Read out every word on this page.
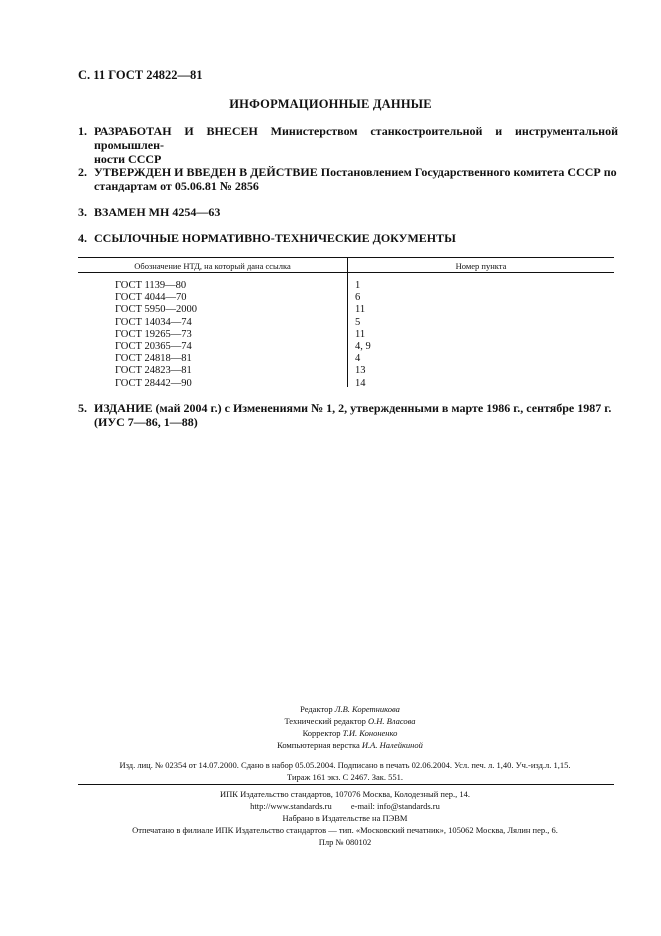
С. 11 ГОСТ 24822—81
ИНФОРМАЦИОННЫЕ ДАННЫЕ
1. РАЗРАБОТАН И ВНЕСЕН Министерством станкостроительной и инструментальной промышлен-
ности СССР
2. УТВЕРЖДЕН И ВВЕДЕН В ДЕЙСТВИЕ Постановлением Государственного комитета СССР по
стандартам от 05.06.81 № 2856
3. ВЗАМЕН МН 4254—63
4. ССЫЛОЧНЫЕ НОРМАТИВНО-ТЕХНИЧЕСКИЕ ДОКУМЕНТЫ
Обозначение НТД, на который дана ссылка	Номер пункта
ГОСТ 1139—80
ГОСТ 4044—70
ГОСТ 5950—2000
ГОСТ 14034—74
ГОСТ 19265—73
ГОСТ 20365—74
ГОСТ 24818—81
ГОСТ 24823—81
ГОСТ 28442—90
1
6
11
5
11
4, 9
4
13
14
5. ИЗДАНИЕ (май 2004 г.) с Изменениями № 1, 2, утвержденными в марте 1986 г., сентябре 1987 г.
(ИУС 7—86, 1—88)
Редактор Л.В. Коретникова
Технический редактор О.Н. Власова
Корректор Т.И. Кононенко
Компьютерная верстка И.А. Налейкиной
Изд. лиц. № 02354 от 14.07.2000. Сдано в набор 05.05.2004. Подписано в печать 02.06.2004. Усл. печ. л. 1,40. Уч.-изд.л. 1,15.
Тираж 161 экз. С 2467. Зак. 551.
ИПК Издательство стандартов, 107076 Москва, Колодезный пер., 14.
http://www.standards.ru e-mail: info@standards.ru
Набрано в Издательстве на ПЭВМ
Отпечатано в филиале ИПК Издательство стандартов — тип. «Московский печатник», 105062 Москва, Лялин пер., 6.
Плр № 080102
